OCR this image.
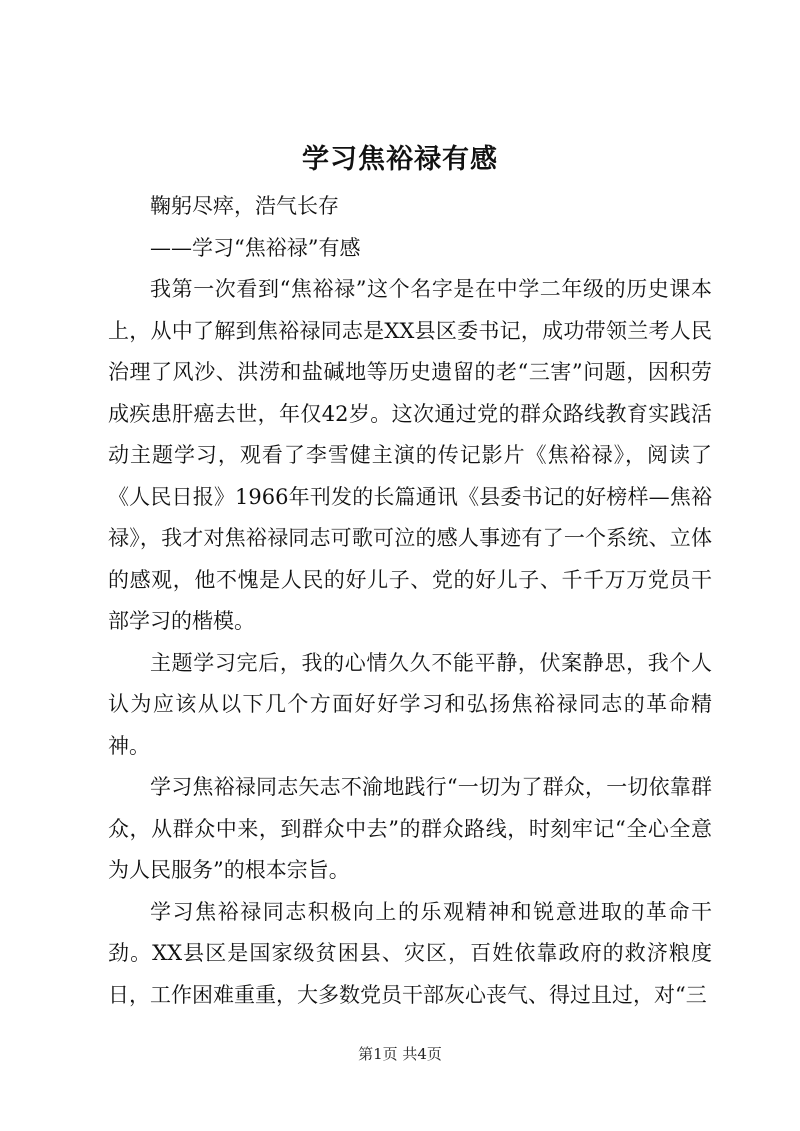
学习焦裕禄有感

鞠躬尽瘁，浩气长存

——学习“焦裕禄”有感

我第一次看到“焦裕禄”这个名字是在中学二年级的历史课本上，从中了解到焦裕禄同志是XX县区委书记，成功带领兰考人民治理了风沙、洪涝和盐碱地等历史遗留的老“三害”问题，因积劳成疾患肝癌去世，年仅42岁。这次通过党的群众路线教育实践活动主题学习，观看了李雪健主演的传记影片《焦裕禄》，阅读了《人民日报》1966年刊发的长篇通讯《县委书记的好榜样—焦裕禄》，我才对焦裕禄同志可歌可泣的感人事迹有了一个系统、立体的感观，他不愧是人民的好儿子、党的好儿子、千千万万党员干部学习的楷模。

主题学习完后，我的心情久久不能平静，伏案静思，我个人认为应该从以下几个方面好好学习和弘扬焦裕禄同志的革命精神。

学习焦裕禄同志矢志不渝地践行“一切为了群众，一切依靠群众，从群众中来，到群众中去”的群众路线，时刻牢记“全心全意为人民服务”的根本宗旨。

学习焦裕禄同志积极向上的乐观精神和锐意进取的革命干劲。XX县区是国家级贫困县、灾区，百姓依靠政府的救济粮度日，工作困难重重，大多数党员干部灰心丧气、得过且过，对“三

第1页 共4页
